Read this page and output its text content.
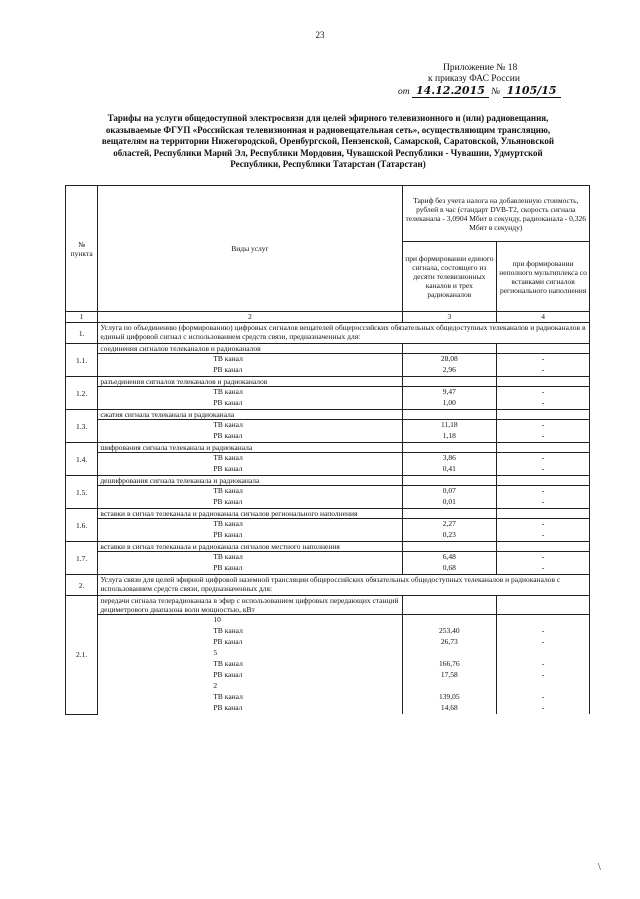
23
Приложение № 18
к приказу ФАС России
от 14.12.2015 № 1105/15
Тарифы на услуги общедоступной электросвязи для целей эфирного телевизионного и (или) радиовещания, оказываемые ФГУП «Российская телевизионная и радиовещательная сеть», осуществляющим трансляцию, вещателям на территории Нижегородской, Оренбургской, Пензенской, Самарской, Саратовской, Ульяновской областей, Республики Марий Эл, Республики Мордовия, Чувашской Республики - Чувашии, Удмуртской Республики, Республики Татарстан (Татарстан)
№ пункта	Виды услуг	Тариф без учета налога на добавленную стоимость, рублей в час (стандарт DVB-T2, скорость сигнала телеканала - 3,0904 Мбит в секунду, радиоканала - 0,326 Мбит в секунду)	
		при формировании единого сигнала, состоящего из десяти телевизионных каналов и трех радиоканалов	при формировании неполного мультиплекса со вставками сигналов регионального наполнения
1	2	3	4
1.	Услуга по объединению (формированию) цифровых сигналов вещателей общероссийских обязательных общедоступных телеканалов и радиоканалов в единый цифровой сигнал с использованием средств связи, предназначенных для:		
1.1.	соединения сигналов телеканалов и радиоканалов		
	ТВ канал	28,08	-
	РВ канал	2,96	-
1.2.	разъединения сигналов телеканалов и радиоканалов		
	ТВ канал	9,47	-
	РВ канал	1,00	-
1.3.	сжатия сигнала телеканала и радиоканала		
	ТВ канал	11,18	-
	РВ канал	1,18	-
1.4.	шифрования сигнала телеканала и радиоканала		
	ТВ канал	3,86	-
	РВ канал	0,41	-
1.5.	дешифрования сигнала телеканала и радиоканала		
	ТВ канал	0,07	-
	РВ канал	0,01	-
1.6.	вставки в сигнал телеканала и радиоканала сигналов регионального наполнения		
	ТВ канал	2,27	-
	РВ канал	0,23	-
1.7.	вставки в сигнал телеканала и радиоканала сигналов местного наполнения		
	ТВ канал	6,48	-
	РВ канал	0,68	-
2.	Услуга связи для целей эфирной цифровой наземной трансляции общероссийских обязательных общедоступных телеканалов и радиоканалов с использованием средств связи, предназначенных для:		
2.1.	передачи сигнала телерадиоканала в эфир с использованием цифровых передающих станций дециметрового диапазона волн мощностью, кВт		
	10		
	ТВ канал	253,40	-
	РВ канал	26,73	-
	5		
	ТВ канал	166,76	-
	РВ канал	17,58	-
	2		
	ТВ канал	139,05	-
	РВ канал	14,68	-
\
